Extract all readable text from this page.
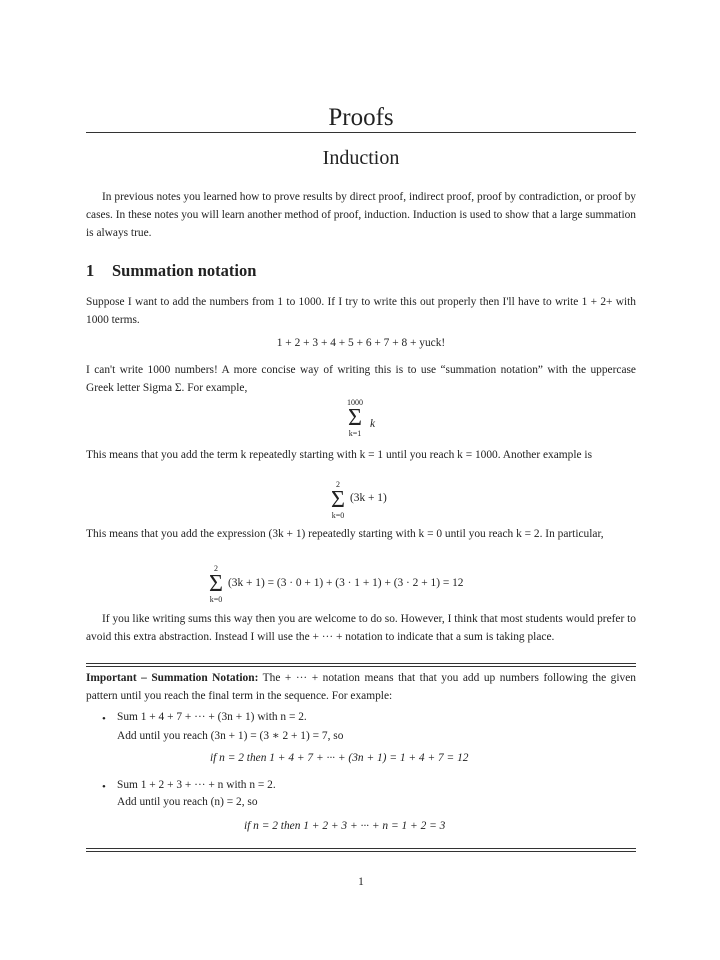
Proofs
Induction
In previous notes you learned how to prove results by direct proof, indirect proof, proof by contradiction, or proof by cases. In these notes you will learn another method of proof, induction. Induction is used to show that a large summation is always true.
1 Summation notation
Suppose I want to add the numbers from 1 to 1000. If I try to write this out properly then I'll have to write 1 + 2+ with 1000 terms.
1 + 2 + 3 + 4 + 5 + 6 + 7 + 8 + yuck!
I can't write 1000 numbers! A more concise way of writing this is to use “summation notation” with the uppercase Greek letter Sigma Σ. For example,
1000
Σ
k=1
k
This means that you add the term k repeatedly starting with k = 1 until you reach k = 1000. Another example is
2
Σ
k=0
(3k + 1)
This means that you add the expression (3k + 1) repeatedly starting with k = 0 until you reach k = 2. In particular,
2
Σ
k=0
(3k + 1) = (3 · 0 + 1) + (3 · 1 + 1) + (3 · 2 + 1) = 12
If you like writing sums this way then you are welcome to do so. However, I think that most students would prefer to avoid this extra abstraction. Instead I will use the + ··· + notation to indicate that a sum is taking place.
Important – Summation Notation: The + ··· + notation means that that you add up numbers following the given pattern until you reach the final term in the sequence. For example:
• Sum 1 + 4 + 7 + ··· + (3n + 1) with n = 2.
Add until you reach (3n + 1) = (3 ∗ 2 + 1) = 7, so
if n = 2 then 1 + 4 + 7 + ··· + (3n + 1) = 1 + 4 + 7 = 12
• Sum 1 + 2 + 3 + ··· + n with n = 2.
Add until you reach (n) = 2, so
if n = 2 then 1 + 2 + 3 + ··· + n = 1 + 2 = 3
1
